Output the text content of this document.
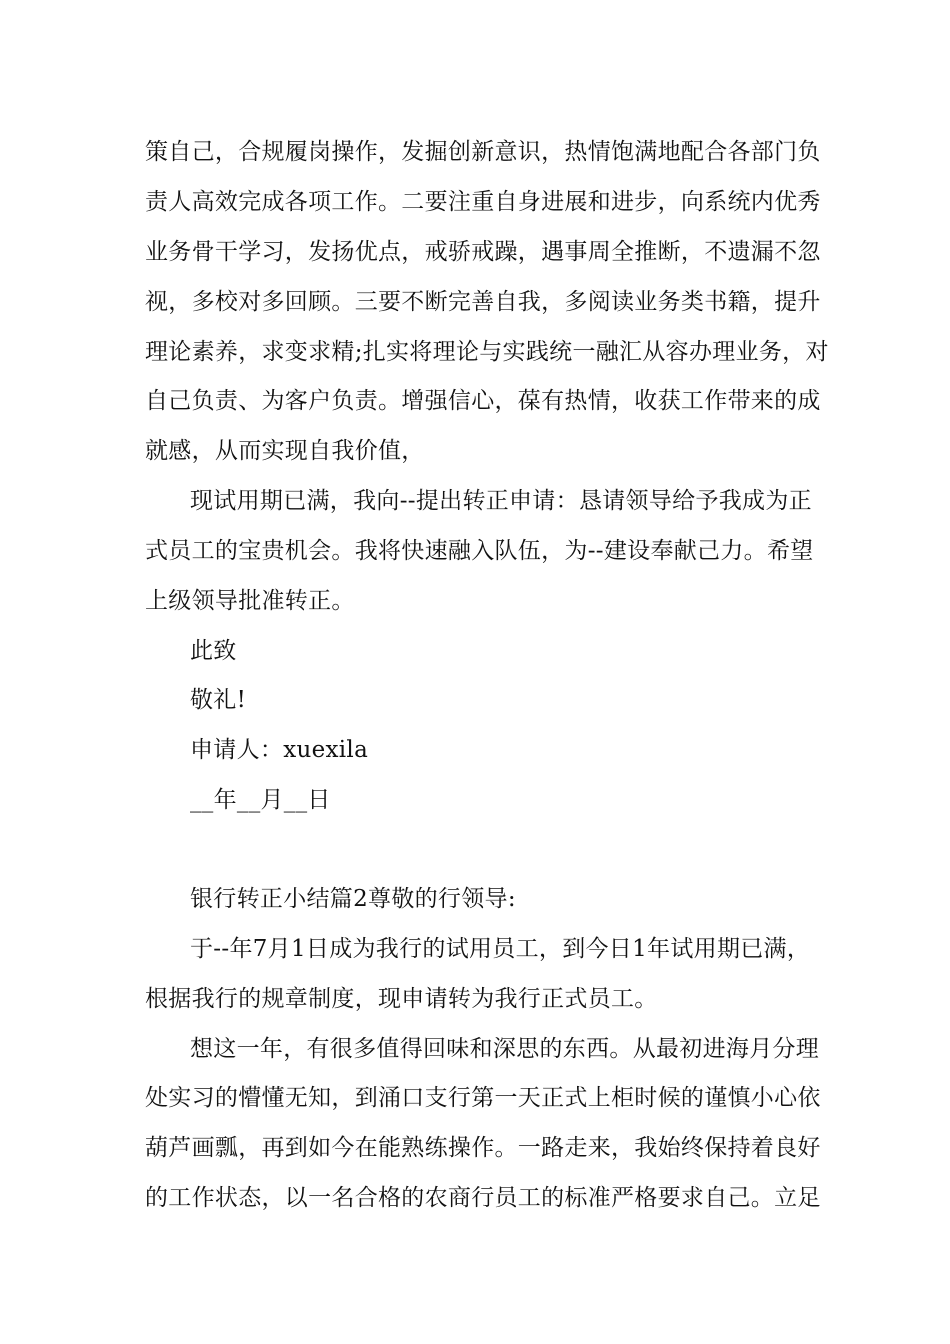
策自己，合规履岗操作，发掘创新意识，热情饱满地配合各部门负
责人高效完成各项工作。二要注重自身进展和进步，向系统内优秀
业务骨干学习，发扬优点，戒骄戒躁，遇事周全推断，不遗漏不忽
视，多校对多回顾。三要不断完善自我，多阅读业务类书籍，提升
理论素养，求变求精;扎实将理论与实践统一融汇从容办理业务，对
自己负责、为客户负责。增强信心，葆有热情，收获工作带来的成
就感，从而实现自我价值，
现试用期已满，我向--提出转正申请：恳请领导给予我成为正
式员工的宝贵机会。我将快速融入队伍，为--建设奉献己力。希望
上级领导批准转正。
此致
敬礼!
申请人：xuexila
__年__月__日
银行转正小结篇2尊敬的行领导:
于--年7月1日成为我行的试用员工，到今日1年试用期已满，
根据我行的规章制度，现申请转为我行正式员工。
想这一年，有很多值得回味和深思的东西。从最初进海月分理
处实习的懵懂无知，到涌口支行第一天正式上柜时候的谨慎小心依
葫芦画瓢，再到如今在能熟练操作。一路走来，我始终保持着良好
的工作状态，以一名合格的农商行员工的标准严格要求自己。立足
